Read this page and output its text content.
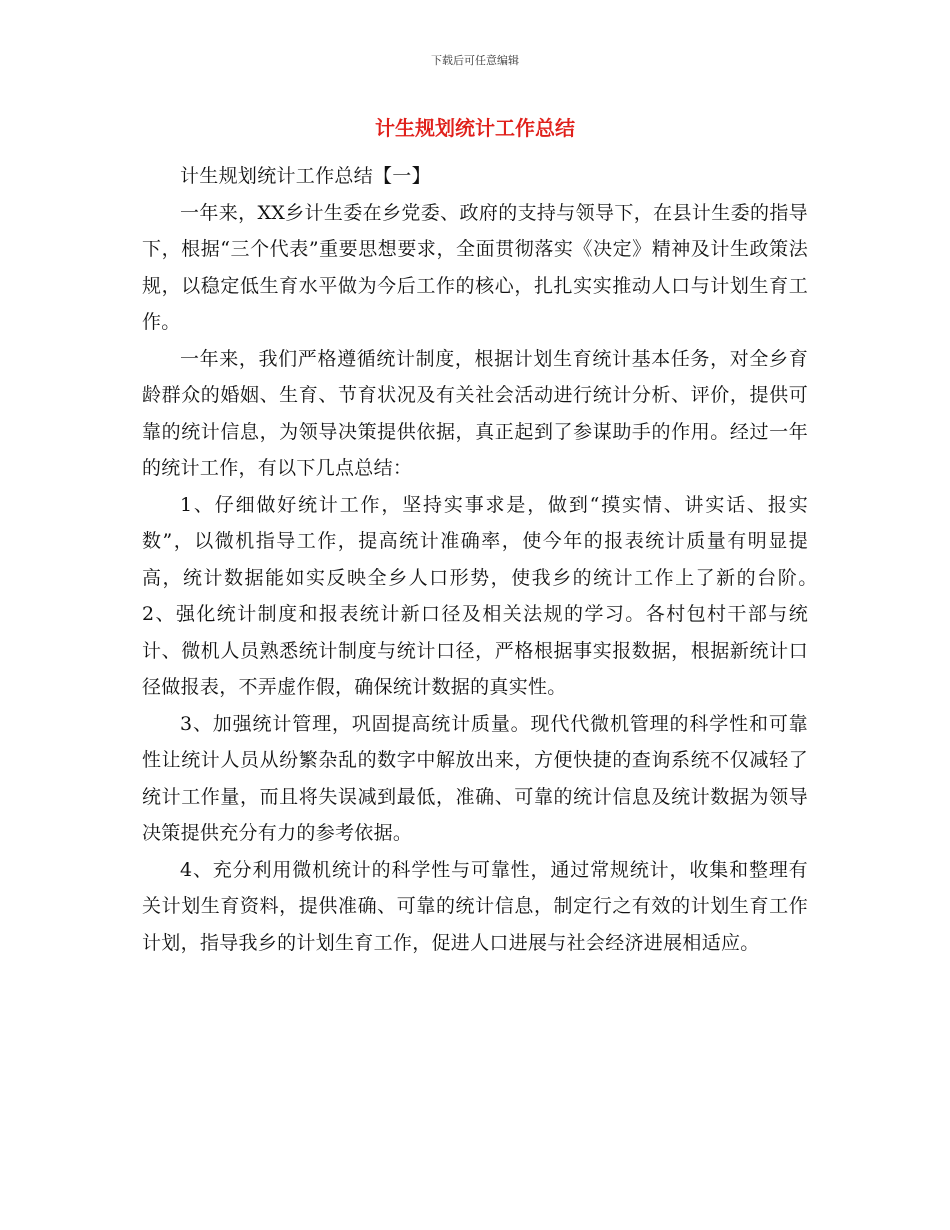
下载后可任意编辑
计生规划统计工作总结

计生规划统计工作总结【一】

一年来，XX乡计生委在乡党委、政府的支持与领导下，在县计生委的指导下，根据“三个代表”重要思想要求，全面贯彻落实《决定》精神及计生政策法规，以稳定低生育水平做为今后工作的核心，扎扎实实推动人口与计划生育工作。

一年来，我们严格遵循统计制度，根据计划生育统计基本任务，对全乡育龄群众的婚姻、生育、节育状况及有关社会活动进行统计分析、评价，提供可靠的统计信息，为领导决策提供依据，真正起到了参谋助手的作用。经过一年的统计工作，有以下几点总结：

1、仔细做好统计工作，坚持实事求是，做到“摸实情、讲实话、报实数”，以微机指导工作，提高统计准确率，使今年的报表统计质量有明显提高，统计数据能如实反映全乡人口形势，使我乡的统计工作上了新的台阶。　　　　　　2、强化统计制度和报表统计新口径及相关法规的学习。各村包村干部与统计、微机人员熟悉统计制度与统计口径，严格根据事实报数据，根据新统计口径做报表，不弄虚作假，确保统计数据的真实性。

3、加强统计管理，巩固提高统计质量。现代代微机管理的科学性和可靠性让统计人员从纷繁杂乱的数字中解放出来，方便快捷的查询系统不仅减轻了统计工作量，而且将失误减到最低，准确、可靠的统计信息及统计数据为领导决策提供充分有力的参考依据。

4、充分利用微机统计的科学性与可靠性，通过常规统计，收集和整理有关计划生育资料，提供准确、可靠的统计信息，制定行之有效的计划生育工作计划，指导我乡的计划生育工作，促进人口进展与社会经济进展相适应。
